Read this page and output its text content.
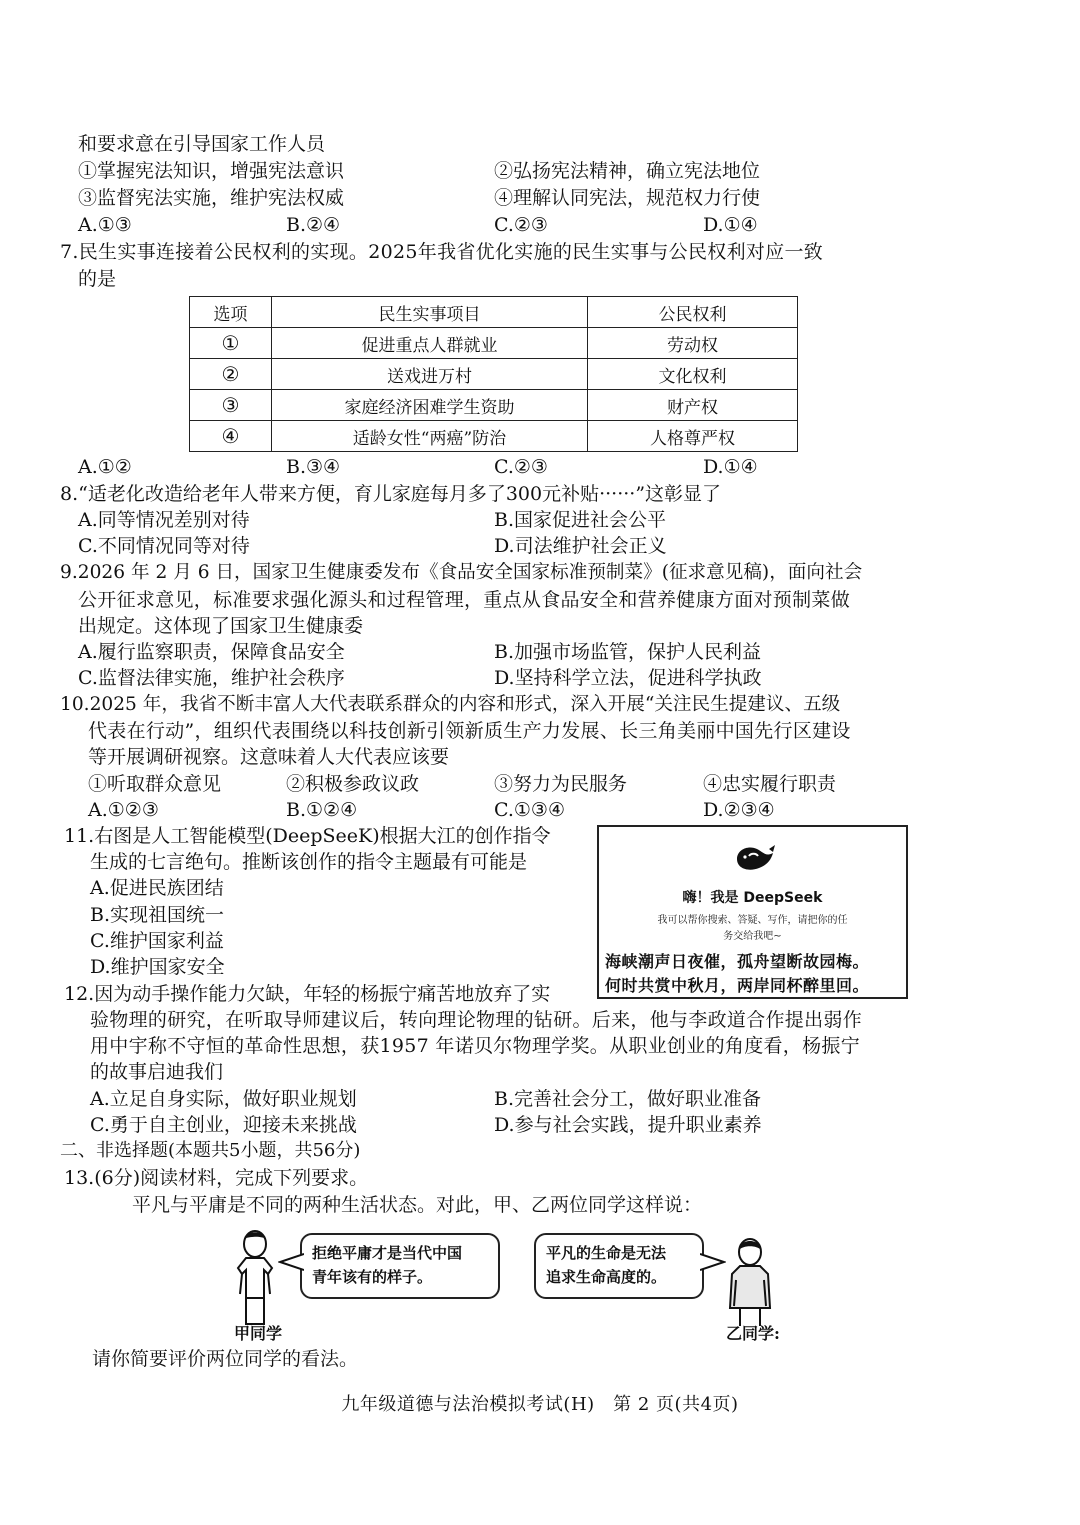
和要求意在引导国家工作人员
①掌握宪法知识，增强宪法意识	②弘扬宪法精神，确立宪法地位
③监督宪法实施，维护宪法权威	④理解认同宪法，规范权力行使
A.①③	B.②④	C.②③	D.①④
7.民生实事连接着公民权利的实现。2025年我省优化实施的民生实事与公民权利对应一致
的是
选项	民生实事项目	公民权利
①	促进重点人群就业	劳动权
②	送戏进万村	文化权利
③	家庭经济困难学生资助	财产权
④	适龄女性“两癌”防治	人格尊严权
A.①②	B.③④	C.②③	D.①④
8.“适老化改造给老年人带来方便，育儿家庭每月多了300元补贴······”这彰显了
A.同等情况差别对待	B.国家促进社会公平
C.不同情况同等对待	D.司法维护社会正义
9.2026 年 2 月 6 日，国家卫生健康委发布《食品安全国家标准预制菜》(征求意见稿)，面向社会
公开征求意见，标准要求强化源头和过程管理，重点从食品安全和营养健康方面对预制菜做
出规定。这体现了国家卫生健康委
A.履行监察职责，保障食品安全	B.加强市场监管，保护人民利益
C.监督法律实施，维护社会秩序	D.坚持科学立法，促进科学执政
10.2025 年，我省不断丰富人大代表联系群众的内容和形式，深入开展“关注民生提建议、五级
代表在行动”，组织代表围绕以科技创新引领新质生产力发展、长三角美丽中国先行区建设
等开展调研视察。这意味着人大代表应该要
①听取群众意见	②积极参政议政	③努力为民服务	④忠实履行职责
A.①②③	B.①②④	C.①③④	D.②③④
11.右图是人工智能模型(DeepSeeK)根据大江的创作指令
生成的七言绝句。推断该创作的指令主题最有可能是
A.促进民族团结
B.实现祖国统一
C.维护国家利益
D.维护国家安全
嗨！我是 DeepSeek
我可以帮你搜索、答疑、写作，请把你的任
务交给我吧~
海峡潮声日夜催，孤舟望断故园梅。
何时共赏中秋月，两岸同杯醉里回。
12.因为动手操作能力欠缺，年轻的杨振宁痛苦地放弃了实
验物理的研究，在听取导师建议后，转向理论物理的钻研。后来，他与李政道合作提出弱作
用中宇称不守恒的革命性思想，获1957 年诺贝尔物理学奖。从职业创业的角度看，杨振宁
的故事启迪我们
A.立足自身实际，做好职业规划	B.完善社会分工，做好职业准备
C.勇于自主创业，迎接未来挑战	D.参与社会实践，提升职业素养
二、非选择题(本题共5小题，共56分)
13.(6分)阅读材料，完成下列要求。
平凡与平庸是不同的两种生活状态。对此，甲、乙两位同学这样说：
拒绝平庸才是当代中国
青年该有的样子。
平凡的生命是无法
追求生命高度的。
甲同学	乙同学:
请你简要评价两位同学的看法。
九年级道德与法治模拟考试(H)　第 2 页(共4页)
